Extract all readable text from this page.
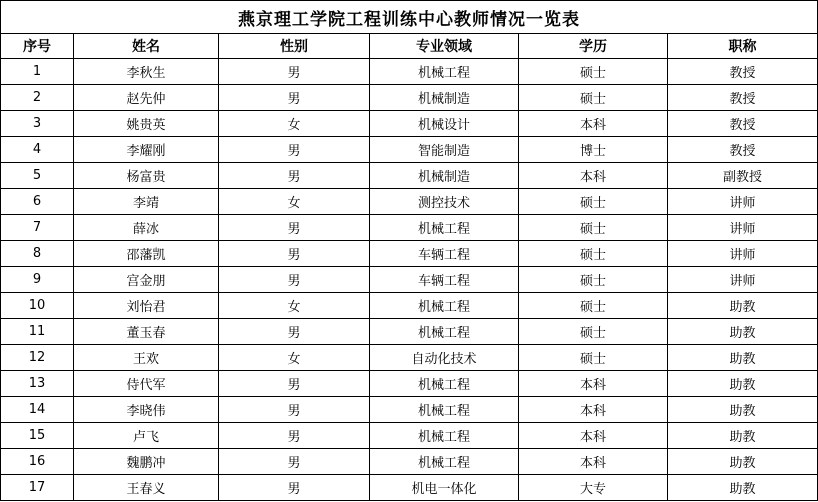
燕京理工学院工程训练中心教师情况一览表					
序号	姓名	性别	专业领域	学历	职称
1	李秋生	男	机械工程	硕士	教授
2	赵先仲	男	机械制造	硕士	教授
3	姚贵英	女	机械设计	本科	教授
4	李耀刚	男	智能制造	博士	教授
5	杨富贵	男	机械制造	本科	副教授
6	李靖	女	测控技术	硕士	讲师
7	薛冰	男	机械工程	硕士	讲师
8	邵藩凯	男	车辆工程	硕士	讲师
9	宫金朋	男	车辆工程	硕士	讲师
10	刘怡君	女	机械工程	硕士	助教
11	董玉春	男	机械工程	硕士	助教
12	王欢	女	自动化技术	硕士	助教
13	侍代军	男	机械工程	本科	助教
14	李晓伟	男	机械工程	本科	助教
15	卢飞	男	机械工程	本科	助教
16	魏鹏冲	男	机械工程	本科	助教
17	王春义	男	机电一体化	大专	助教
